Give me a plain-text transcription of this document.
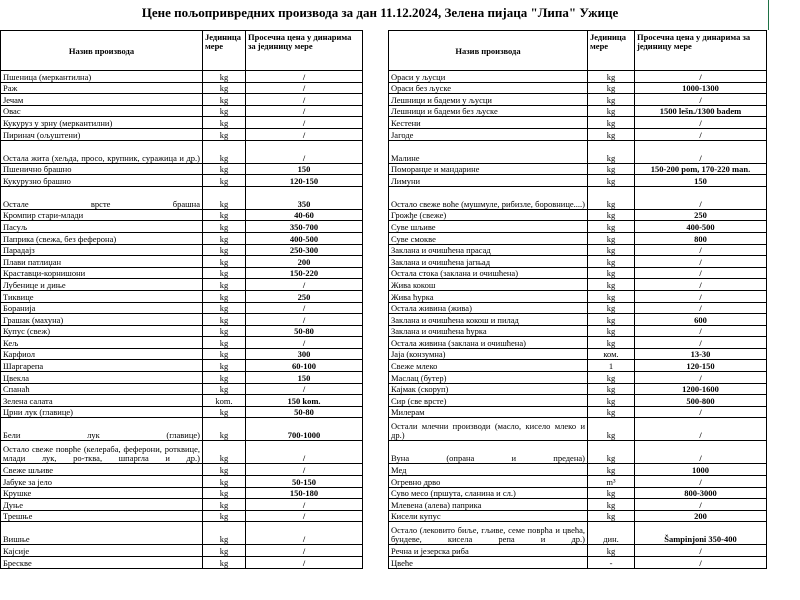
Цене пољопривредних производа за дан 11.12.2024, Зелена пијаца "Липа" Ужице
Назив производа	Јединица мере	Просечна цена у динарима за јединицу мере
Пшеница (меркантилна)	kg	/
Раж	kg	/
Јечам	kg	/
Овас	kg	/
Кукуруз у зрну (меркантилни)	kg	/
Пиринач (ољуштени)	kg	/
Остала жита (хељда, просо, крупник, суражица и др.)	kg	/
Пшенично брашно	kg	150
Кукурузно брашно	kg	120-150
Остале врсте брашна	kg	350
Кромпир стари-млади	kg	40-60
Пасуљ	kg	350-700
Паприка (свежа, без феферона)	kg	400-500
Парадајз	kg	250-300
Плави патлиџан	kg	200
Краставци-корнишони	kg	150-220
Лубенице и диње	kg	/
Тиквице	kg	250
Боранија	kg	/
Грашак (махуна)	kg	/
Купус (свеж)	kg	50-80
Кељ	kg	/
Карфиол	kg	300
Шаргарепа	kg	60-100
Цвекла	kg	150
Спанаћ	kg	/
Зелена салата	kom.	150 kom.
Црни лук (главице)	kg	50-80
Бели лук (главице)	kg	700-1000
Остало свеже поврће (келераба, феферони, ротквице, млади лук, ро-тква, шпаргла и др.)	kg	/
Свеже шљиве	kg	/
Јабуке за јело	kg	50-150
Крушке	kg	150-180
Дуње	kg	/
Трешње	kg	/
Вишње	kg	/
Кајсије	kg	/
Бресквe	kg	/
Назив производа	Јединица мере	Просечна цена у динарима за јединицу мере
Ораси у љусци	kg	/
Ораси без љуске	kg	1000-1300
Лешници и бадеми у љусци	kg	/
Лешници и бадеми без љуске	kg	1500 lešn./1300 badem
Кестени	kg	/
Јагоде	kg	/
Малине	kg	/
Поморанџе и мандарине	kg	150-200 pom, 170-220 man.
Лимуни	kg	150
Остало свеже воће (мушмуле, рибизле, боровнице....)	kg	/
Грожђе (свеже)	kg	250
Суве шљиве	kg	400-500
Суве смокве	kg	800
Заклана и очишћена прасад	kg	/
Заклана и очишћена јагњад	kg	/
Остала стока (заклана и очишћена)	kg	/
Жива кокош	kg	/
Жива ћурка	kg	/
Остала живина (жива)	kg	/
Заклана и очишћена кокош и пилад	kg	600
Заклана и очишћена ћурка	kg	/
Остала живина (заклана и очишћена)	kg	/
Јаја (конзумна)	ком.	13-30
Свеже млеко	1	120-150
Маслац (бутер)	kg	/
Кајмак (скоруп)	kg	1200-1600
Сир (све врсте)	kg	500-800
Милерам	kg	/
Остали млечни производи (масло, кисело млеко и др.)	kg	/
Вуна (опрана и предена)	kg	/
Мед	kg	1000
Огревно дрво	m³	/
Суво месо (пршута, сланина и сл.)	kg	800-3000
Млевена (алева) паприка	kg	/
Кисели купус	kg	200
Остало (лековито биље, гљиве, семе поврћа и цвећа, бундеве, кисела репа и др.)	дин.	Šampinjoni 350-400
Речна и језерска риба	kg	/
Цвеће	-	/
